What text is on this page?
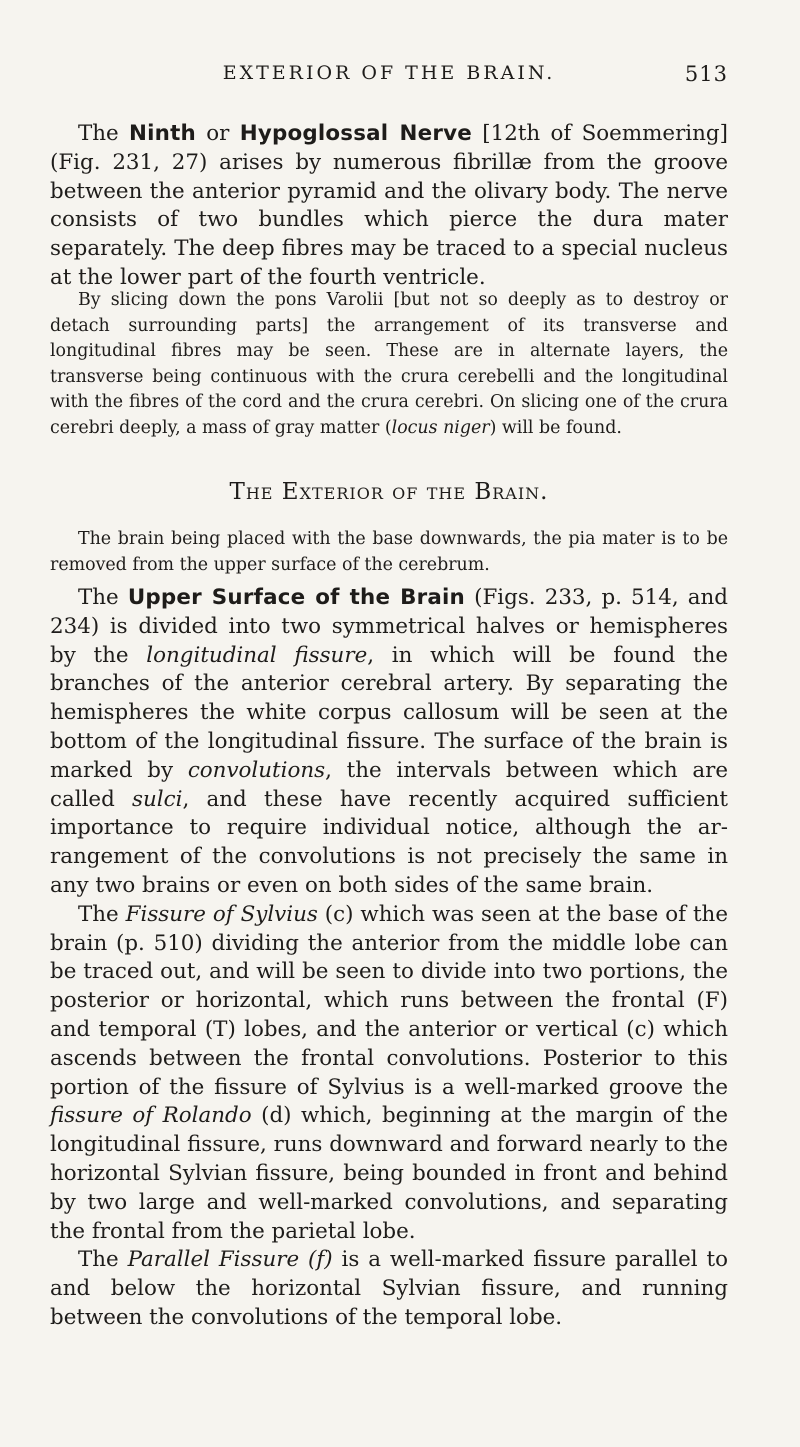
EXTERIOR OF THE BRAIN.	513

The Ninth or Hypoglossal Nerve [12th of Soemmering] (Fig. 231, 27) arises by numerous fibrillæ from the groove between the anterior pyramid and the olivary body. The nerve consists of two bundles which pierce the dura mater separately. The deep fibres may be traced to a special nucleus at the lower part of the fourth ventricle.

By slicing down the pons Varolii [but not so deeply as to destroy or detach surrounding parts] the arrangement of its transverse and longitudinal fibres may be seen. These are in alternate layers, the transverse being continuous with the crura cerebelli and the longitudinal with the fibres of the cord and the crura cerebri. On slicing one of the crura cerebri deeply, a mass of gray matter (locus niger) will be found.

The Exterior of the Brain.

The brain being placed with the base downwards, the pia mater is to be removed from the upper surface of the cerebrum.

The Upper Surface of the Brain (Figs. 233, p. 514, and 234) is divided into two symmetrical halves or hemispheres by the longitudinal fissure, in which will be found the branches of the anterior cerebral artery. By separating the hemispheres the white corpus callosum will be seen at the bottom of the longitudinal fissure. The surface of the brain is marked by convolutions, the intervals between which are called sulci, and these have recently acquired sufficient importance to require individual notice, although the arrangement of the convolutions is not precisely the same in any two brains or even on both sides of the same brain.

The Fissure of Sylvius (c) which was seen at the base of the brain (p. 510) dividing the anterior from the middle lobe can be traced out, and will be seen to divide into two portions, the posterior or horizontal, which runs between the frontal (F) and temporal (T) lobes, and the anterior or vertical (c) which ascends between the frontal convolutions. Posterior to this portion of the fissure of Sylvius is a well-marked groove the fissure of Rolando (d) which, beginning at the margin of the longitudinal fissure, runs downward and forward nearly to the horizontal Sylvian fissure, being bounded in front and behind by two large and well-marked convolutions, and separating the frontal from the parietal lobe.

The Parallel Fissure (f) is a well-marked fissure parallel to and below the horizontal Sylvian fissure, and running between the convolutions of the temporal lobe.
